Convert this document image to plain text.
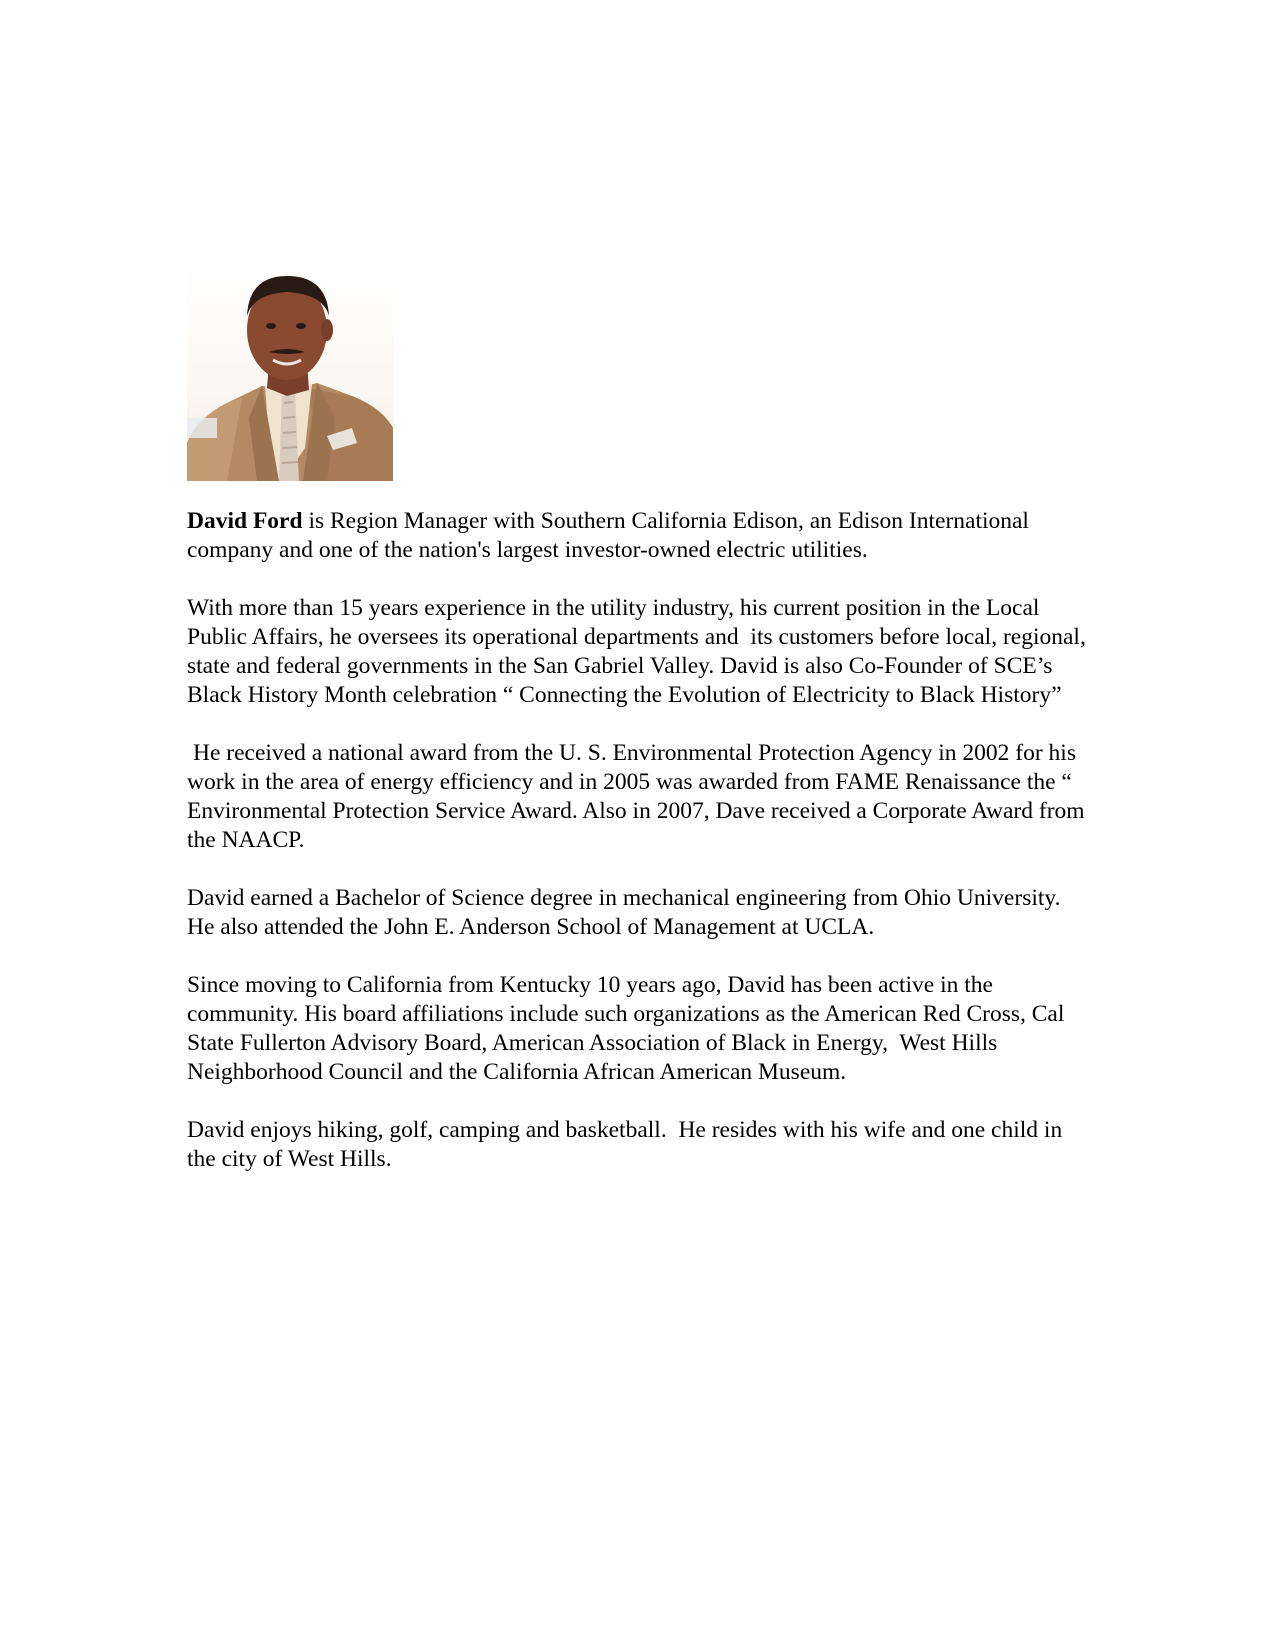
David Ford is Region Manager with Southern California Edison, an Edison International company and one of the nation's largest investor-owned electric utilities.

With more than 15 years experience in the utility industry, his current position in the Local Public Affairs, he oversees its operational departments and  its customers before local, regional, state and federal governments in the San Gabriel Valley. David is also Co-Founder of SCE’s Black History Month celebration “ Connecting the Evolution of Electricity to Black History”

He received a national award from the U. S. Environmental Protection Agency in 2002 for his work in the area of energy efficiency and in 2005 was awarded from FAME Renaissance the “ Environmental Protection Service Award. Also in 2007, Dave received a Corporate Award from the NAACP.

David earned a Bachelor of Science degree in mechanical engineering from Ohio University. He also attended the John E. Anderson School of Management at UCLA.

Since moving to California from Kentucky 10 years ago, David has been active in the community. His board affiliations include such organizations as the American Red Cross, Cal State Fullerton Advisory Board, American Association of Black in Energy,  West Hills Neighborhood Council and the California African American Museum.

David enjoys hiking, golf, camping and basketball.  He resides with his wife and one child in the city of West Hills.
